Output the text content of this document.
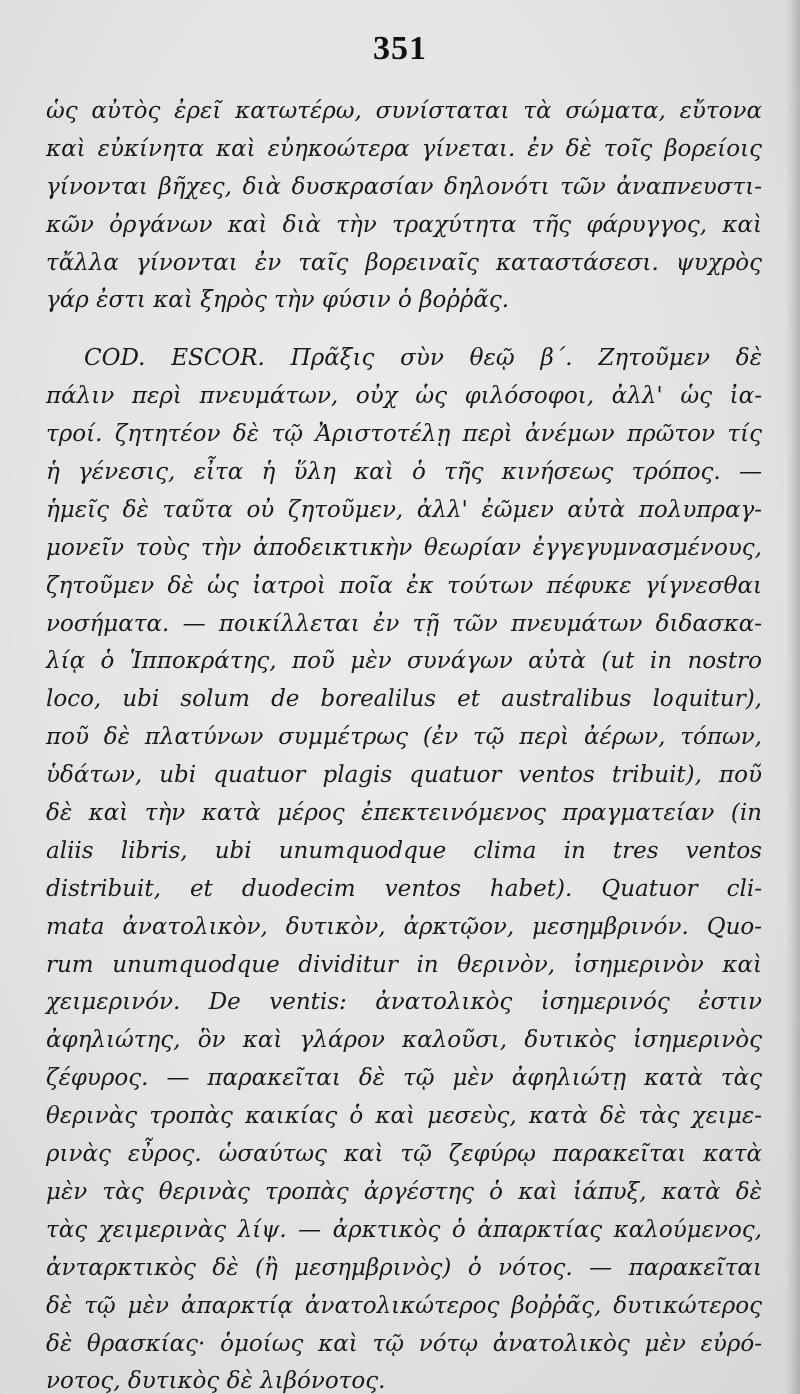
351
ὡς αὐτὸς ἐρεῖ κατωτέρω, συνίσταται τὰ σώματα, εὔτονα
καὶ εὐκίνητα καὶ εὐηκοώτερα γίνεται. ἐν δὲ τοῖς βορείοις
γίνονται βῆχες, διὰ δυσκρασίαν δηλονότι τῶν ἀναπνευστι-
κῶν ὀργάνων καὶ διὰ τὴν τραχύτητα τῆς φάρυγγος, καὶ
τἄλλα γίνονται ἐν ταῖς βορειναῖς καταστάσεσι. ψυχρὸς
γάρ ἐστι καὶ ξηρὸς τὴν φύσιν ὁ βοῤῥᾶς.
COD. ESCOR. Πρᾶξις σὺν θεῷ β΄. Ζητοῦμεν δὲ
πάλιν περὶ πνευμάτων, οὐχ ὡς φιλόσοφοι, ἀλλ' ὡς ἰα-
τροί. ζητητέον δὲ τῷ Ἀριστοτέλῃ περὶ ἀνέμων πρῶτον τίς
ἡ γένεσις, εἶτα ἡ ὕλη καὶ ὁ τῆς κινήσεως τρόπος. —
ἡμεῖς δὲ ταῦτα οὐ ζητοῦμεν, ἀλλ' ἐῶμεν αὐτὰ πολυπραγ-
μονεῖν τοὺς τὴν ἀποδεικτικὴν θεωρίαν ἐγγεγυμνασμένους,
ζητοῦμεν δὲ ὡς ἰατροὶ ποῖα ἐκ τούτων πέφυκε γίγνεσθαι
νοσήματα. — ποικίλλεται ἐν τῇ τῶν πνευμάτων διδασκα-
λίᾳ ὁ Ἱπποκράτης, ποῦ μὲν συνάγων αὐτὰ (ut in nostro
loco, ubi solum de borealilus et australibus loquitur),
ποῦ δὲ πλατύνων συμμέτρως (ἐν τῷ περὶ ἀέρων, τόπων,
ὑδάτων, ubi quatuor plagis quatuor ventos tribuit), ποῦ
δὲ καὶ τὴν κατὰ μέρος ἐπεκτεινόμενος πραγματείαν (in
aliis libris, ubi unumquodque clima in tres ventos
distribuit, et duodecim ventos habet). Quatuor cli-
mata ἀνατολικὸν, δυτικὸν, ἀρκτῷον, μεσημβρινόν. Quo-
rum unumquodque dividitur in θερινὸν, ἰσημερινὸν καὶ
χειμερινόν. De ventis: ἀνατολικὸς ἰσημερινός ἐστιν
ἀφηλιώτης, ὃν καὶ γλάρον καλοῦσι, δυτικὸς ἰσημερινὸς
ζέφυρος. — παρακεῖται δὲ τῷ μὲν ἀφηλιώτῃ κατὰ τὰς
θερινὰς τροπὰς καικίας ὁ καὶ μεσεὺς, κατὰ δὲ τὰς χειμε-
ρινὰς εὖρος. ὡσαύτως καὶ τῷ ζεφύρῳ παρακεῖται κατὰ
μὲν τὰς θερινὰς τροπὰς ἀργέστης ὁ καὶ ἰάπυξ, κατὰ δὲ
τὰς χειμερινὰς λίψ. — ἀρκτικὸς ὁ ἀπαρκτίας καλούμενος,
ἀνταρκτικὸς δὲ (ἢ μεσημβρινὸς) ὁ νότος. — παρακεῖται
δὲ τῷ μὲν ἀπαρκτίᾳ ἀνατολικώτερος βοῤῥᾶς, δυτικώτερος
δὲ θρασκίας· ὁμοίως καὶ τῷ νότῳ ἀνατολικὸς μὲν εὐρό-
νοτος, δυτικὸς δὲ λιβόνοτος.
